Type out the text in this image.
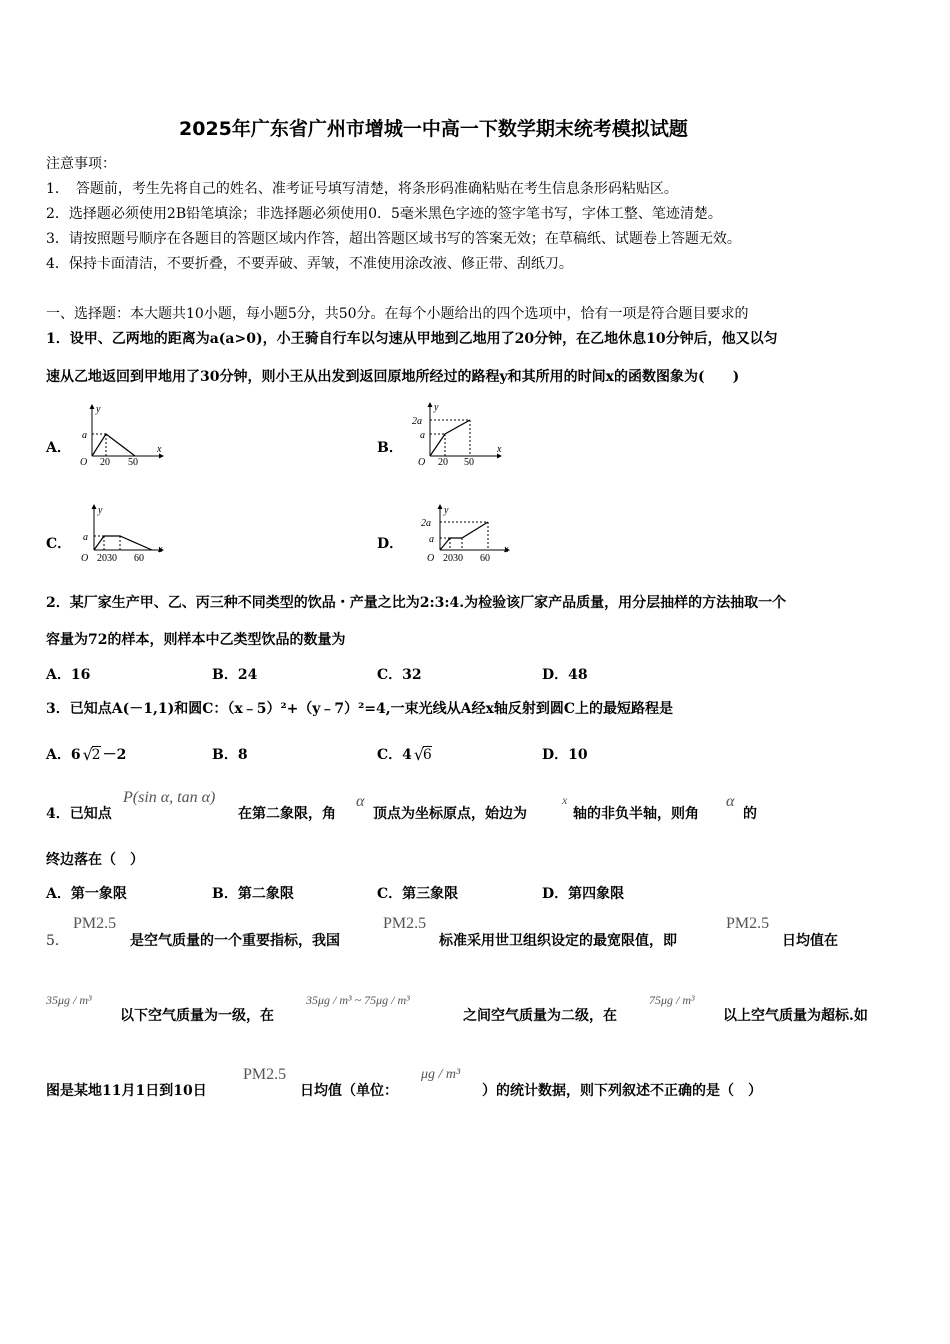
2025年广东省广州市增城一中高一下数学期末统考模拟试题
注意事项：
1．　答题前，考生先将自己的姓名、准考证号填写清楚，将条形码准确粘贴在考生信息条形码粘贴区。
2．选择题必须使用2B铅笔填涂；非选择题必须使用0．5毫米黑色字迹的签字笔书写，字体工整、笔迹清楚。
3．请按照题号顺序在各题目的答题区域内作答，超出答题区域书写的答案无效；在草稿纸、试题卷上答题无效。
4．保持卡面清洁，不要折叠，不要弄破、弄皱，不准使用涂改液、修正带、刮纸刀。
一、选择题：本大题共10小题，每小题5分，共50分。在每个小题给出的四个选项中，恰有一项是符合题目要求的
1．设甲、乙两地的距离为a(a>0)，小王骑自行车以匀速从甲地到乙地用了20分钟，在乙地休息10分钟后，他又以匀
速从乙地返回到甲地用了30分钟，则小王从出发到返回原地所经过的路程y和其所用的时间x的函数图象为(　　)
A．	B．
C．	D．
y
x
a
O 20 50
y
x
2a
a
O 20 50
y
x
a
O 2030 60
y
x
2a
a
O 2030 60
2．某厂家生产甲、乙、丙三种不同类型的饮品・产量之比为2:3:4.为检验该厂家产品质量，用分层抽样的方法抽取一个
容量为72的样本，则样本中乙类型饮品的数量为
A．16	B．24	C．32	D．48
3．已知点A(－1,1)和圆C：（x﹣5）²+（y﹣7）²=4,一束光线从A经x轴反射到圆C上的最短路程是
A．6 √
2 －2	B．8	C．4 √
6	D．10
4．已知点
P(sin α, tan α)
在第二象限，角
α
顶点为坐标原点，始边为
x
轴的非负半轴，则角
α
的
终边落在（　）
A．第一象限	B．第二象限	C．第三象限	D．第四象限
5．
PM2.5
是空气质量的一个重要指标，我国
PM2.5
标准采用世卫组织设定的最宽限值，即
PM2.5
日均值在
35μg / m³
以下空气质量为一级，在
35μg / m³ ~ 75μg / m³
之间空气质量为二级，在
75μg / m³
以上空气质量为超标.如
图是某地11月1日到10日
PM2.5
日均值（单位：
μg / m³
）的统计数据，则下列叙述不正确的是（　）
